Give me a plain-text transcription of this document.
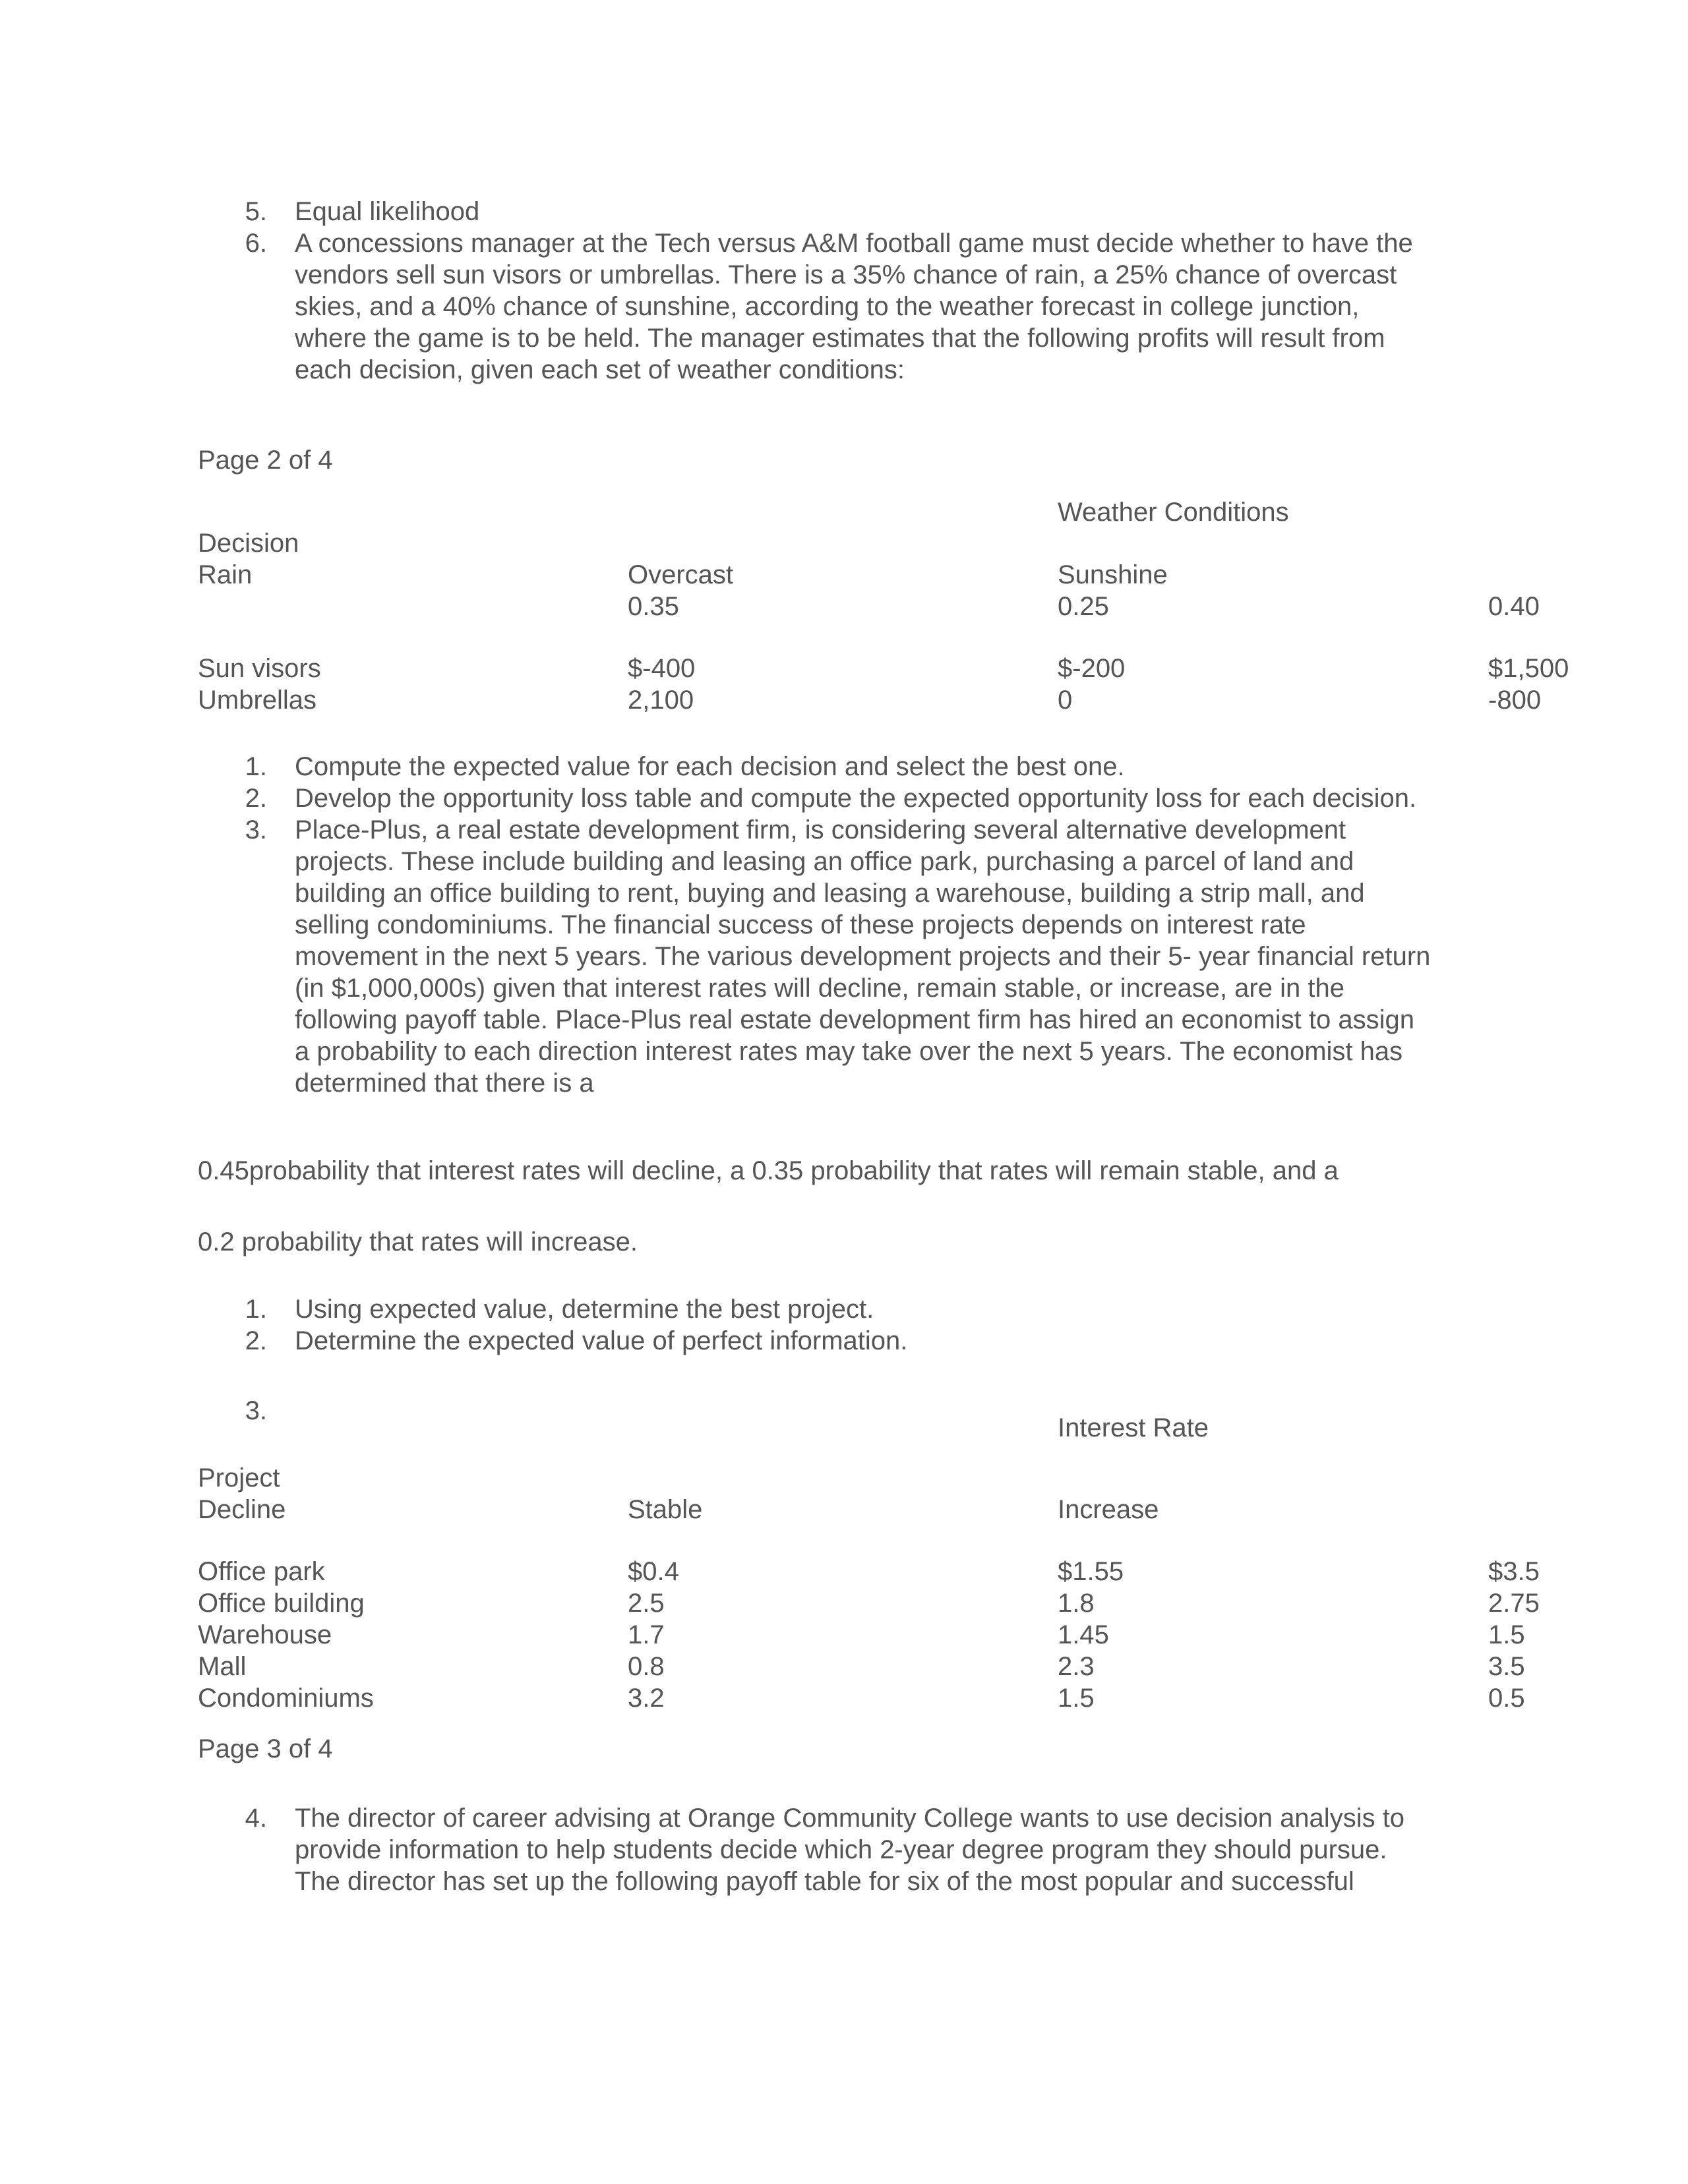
5. Equal likelihood
6. A concessions manager at the Tech versus A&M football game must decide whether to have the
vendors sell sun visors or umbrellas. There is a 35% chance of rain, a 25% chance of overcast
skies, and a 40% chance of sunshine, according to the weather forecast in college junction,
where the game is to be held. The manager estimates that the following profits will result from
each decision, given each set of weather conditions:
Page 2 of 4
Weather Conditions
Decision
Rain	Overcast	Sunshine
0.35	0.25	0.40
Sun visors	$-400	$-200	$1,500
Umbrellas	2,100	0	-800
1. Compute the expected value for each decision and select the best one.
2. Develop the opportunity loss table and compute the expected opportunity loss for each decision.
3. Place-Plus, a real estate development firm, is considering several alternative development
projects. These include building and leasing an office park, purchasing a parcel of land and
building an office building to rent, buying and leasing a warehouse, building a strip mall, and
selling condominiums. The financial success of these projects depends on interest rate
movement in the next 5 years. The various development projects and their 5- year financial return
(in $1,000,000s) given that interest rates will decline, remain stable, or increase, are in the
following payoff table. Place-Plus real estate development firm has hired an economist to assign
a probability to each direction interest rates may take over the next 5 years. The economist has
determined that there is a
0.45probability that interest rates will decline, a 0.35 probability that rates will remain stable, and a
0.2 probability that rates will increase.
1. Using expected value, determine the best project.
2. Determine the expected value of perfect information.
3.
Interest Rate
Project
Decline	Stable	Increase
Office park	$0.4	$1.55	$3.5
Office building	2.5	1.8	2.75
Warehouse	1.7	1.45	1.5
Mall	0.8	2.3	3.5
Condominiums	3.2	1.5	0.5
Page 3 of 4
4. The director of career advising at Orange Community College wants to use decision analysis to
provide information to help students decide which 2-year degree program they should pursue.
The director has set up the following payoff table for six of the most popular and successful
